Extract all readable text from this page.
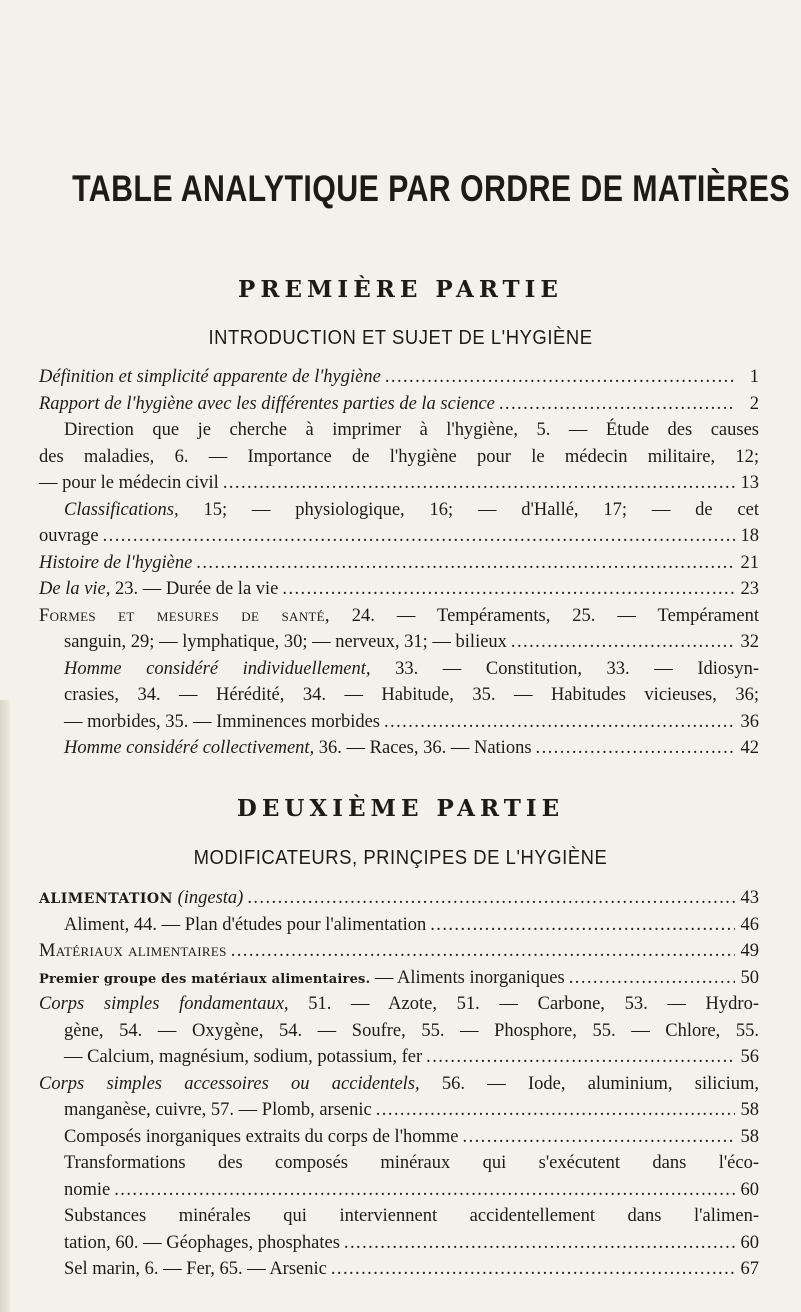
TABLE ANALYTIQUE PAR ORDRE DE MATIÈRES
PREMIÈRE PARTIE
INTRODUCTION ET SUJET DE L'HYGIÈNE
Définition et simplicité apparente de l'hygiène . . .	1
Rapport de l'hygiène avec les différentes parties de la science . . .	2
Direction que je cherche à imprimer à l'hygiène, 5. — Étude des causes
des maladies, 6. — Importance de l'hygiène pour le médecin militaire, 12;
— pour le médecin civil . . .	13
Classifications, 15; — physiologique, 16; — d'Hallé, 17; — de cet
ouvrage . . .	18
Histoire de l'hygiène . . .	21
De la vie, 23. — Durée de la vie . . .	23
Formes et mesures de santé, 24. — Tempéraments, 25. — Tempérament
sanguin, 29; — lymphatique, 30; — nerveux, 31; — bilieux . . .	32
Homme considéré individuellement, 33. — Constitution, 33. — Idiosyn-
crasies, 34. — Hérédité, 34. — Habitude, 35. — Habitudes vicieuses, 36;
— morbides, 35. — Imminences morbides . . .	36
Homme considéré collectivement, 36. — Races, 36. — Nations . . .	42
DEUXIÈME PARTIE
MODIFICATEURS, PRINÇIPES DE L'HYGIÈNE
ALIMENTATION (ingesta) . . .	43
Aliment, 44. — Plan d'études pour l'alimentation . . .	46
Matériaux alimentaires . . .	49
Premier groupe des matériaux alimentaires. — Aliments inorganiques . . .	50
Corps simples fondamentaux, 51. — Azote, 51. — Carbone, 53. — Hydro-
gène, 54. — Oxygène, 54. — Soufre, 55. — Phosphore, 55. — Chlore, 55.
— Calcium, magnésium, sodium, potassium, fer . . .	56
Corps simples accessoires ou accidentels, 56. — Iode, aluminium, silicium,
manganèse, cuivre, 57. — Plomb, arsenic . . .	58
Composés inorganiques extraits du corps de l'homme . . .	58
Transformations des composés minéraux qui s'exécutent dans l'éco-
nomie . . .	60
Substances minérales qui interviennent accidentellement dans l'alimen-
tation, 60. — Géophages, phosphates . . .	60
Sel marin, 6. — Fer, 65. — Arsenic . . .	67
